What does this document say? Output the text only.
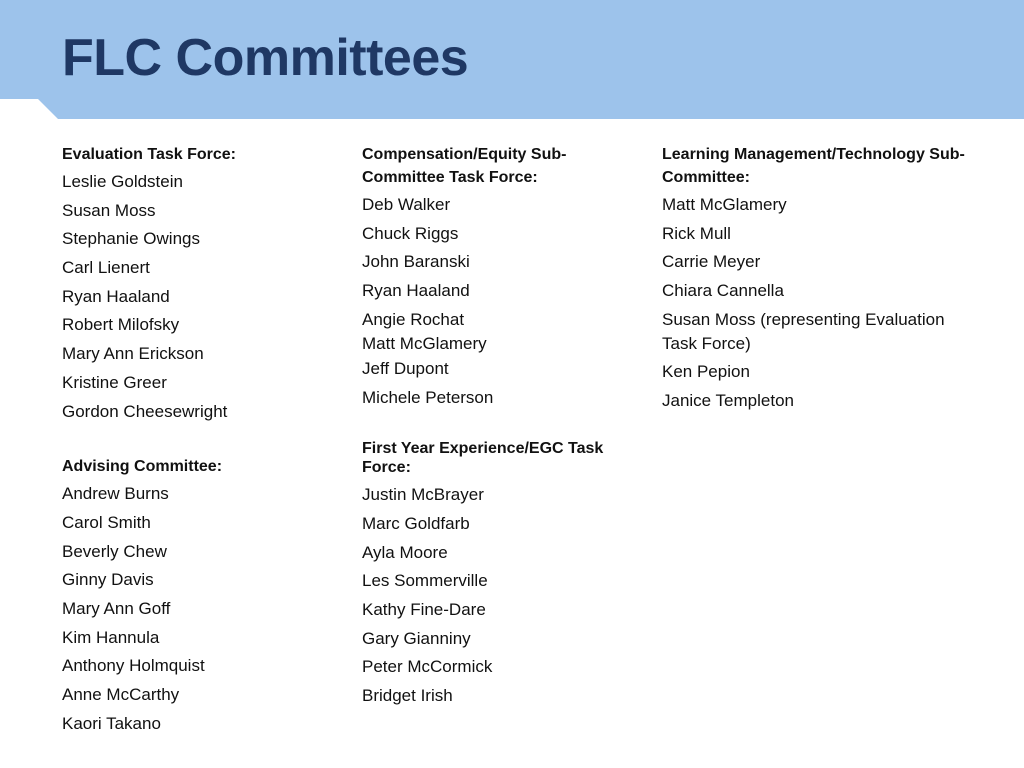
FLC Committees

Evaluation Task Force:

Leslie Goldstein
Susan Moss
Stephanie Owings
Carl Lienert
Ryan Haaland
Robert Milofsky
Mary Ann Erickson
Kristine Greer
Gordon Cheesewright

Advising Committee:

Andrew Burns
Carol Smith
Beverly Chew
Ginny Davis
Mary Ann Goff
Kim Hannula
Anthony Holmquist
Anne McCarthy
Kaori Takano

Compensation/Equity Sub-Committee Task Force:

Deb Walker
Chuck Riggs
John Baranski
Ryan Haaland
Angie Rochat
Matt McGlamery
Jeff Dupont
Michele Peterson

First Year Experience/EGC Task Force:

Justin McBrayer
Marc Goldfarb
Ayla Moore
Les Sommerville
Kathy Fine-Dare
Gary Gianniny
Peter McCormick
Bridget Irish

Learning Management/Technology Sub-Committee:

Matt McGlamery
Rick Mull
Carrie Meyer
Chiara Cannella
Susan Moss (representing Evaluation Task Force)
Ken Pepion
Janice Templeton
